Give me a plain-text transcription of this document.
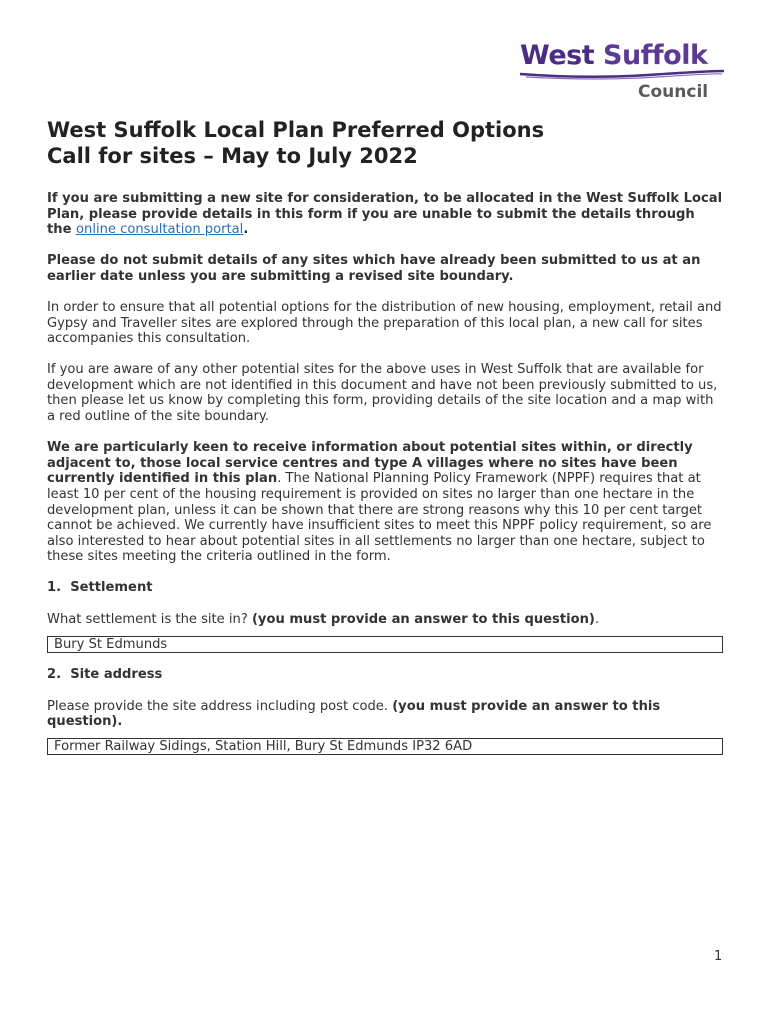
West Suffolk
Council
West Suffolk Local Plan Preferred Options
Call for sites – May to July 2022

If you are submitting a new site for consideration, to be allocated in the West Suffolk Local Plan, please provide details in this form if you are unable to submit the details through the online consultation portal.

Please do not submit details of any sites which have already been submitted to us at an earlier date unless you are submitting a revised site boundary.

In order to ensure that all potential options for the distribution of new housing, employment, retail and Gypsy and Traveller sites are explored through the preparation of this local plan, a new call for sites accompanies this consultation.

If you are aware of any other potential sites for the above uses in West Suffolk that are available for development which are not identified in this document and have not been previously submitted to us, then please let us know by completing this form, providing details of the site location and a map with a red outline of the site boundary.

We are particularly keen to receive information about potential sites within, or directly adjacent to, those local service centres and type A villages where no sites have been currently identified in this plan. The National Planning Policy Framework (NPPF) requires that at least 10 per cent of the housing requirement is provided on sites no larger than one hectare in the development plan, unless it can be shown that there are strong reasons why this 10 per cent target cannot be achieved. We currently have insufficient sites to meet this NPPF policy requirement, so are also interested to hear about potential sites in all settlements no larger than one hectare, subject to these sites meeting the criteria outlined in the form.

1. Settlement

What settlement is the site in? (you must provide an answer to this question).

Bury St Edmunds
2. Site address

Please provide the site address including post code. (you must provide an answer to this question).

Former Railway Sidings, Station Hill, Bury St Edmunds IP32 6AD
1
